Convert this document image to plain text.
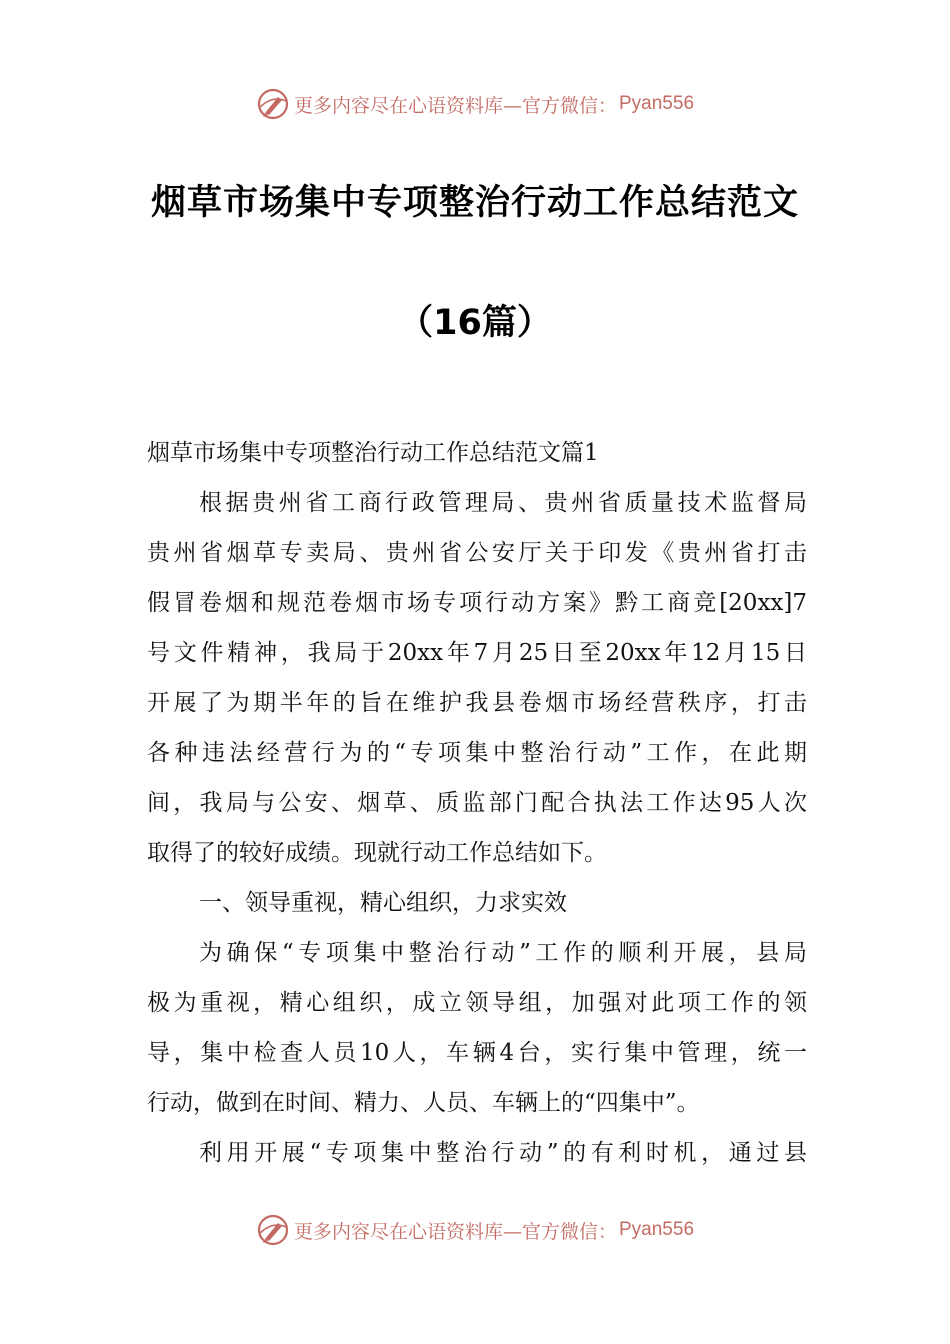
更多内容尽在心语资料库—官方微信： Pyan556
烟草市场集中专项整治行动工作总结范文
（16篇）

烟草市场集中专项整治行动工作总结范文篇1

根据贵州省工商行政管理局、贵州省质量技术监督局

贵州省烟草专卖局、贵州省公安厅关于印发《贵州省打击

假冒卷烟和规范卷烟市场专项行动方案》黔工商竞[20xx]7

号文件精神，我局于20xx年7月25日至20xx年12月15日

开展了为期半年的旨在维护我县卷烟市场经营秩序，打击

各种违法经营行为的“专项集中整治行动”工作，在此期

间，我局与公安、烟草、质监部门配合执法工作达95人次

取得了的较好成绩。现就行动工作总结如下。

一、领导重视，精心组织，力求实效

为确保“专项集中整治行动”工作的顺利开展，县局

极为重视，精心组织，成立领导组，加强对此项工作的领

导，集中检查人员10人，车辆4台，实行集中管理，统一

行动，做到在时间、精力、人员、车辆上的“四集中”。

利用开展“专项集中整治行动”的有利时机，通过县

更多内容尽在心语资料库—官方微信： Pyan556
